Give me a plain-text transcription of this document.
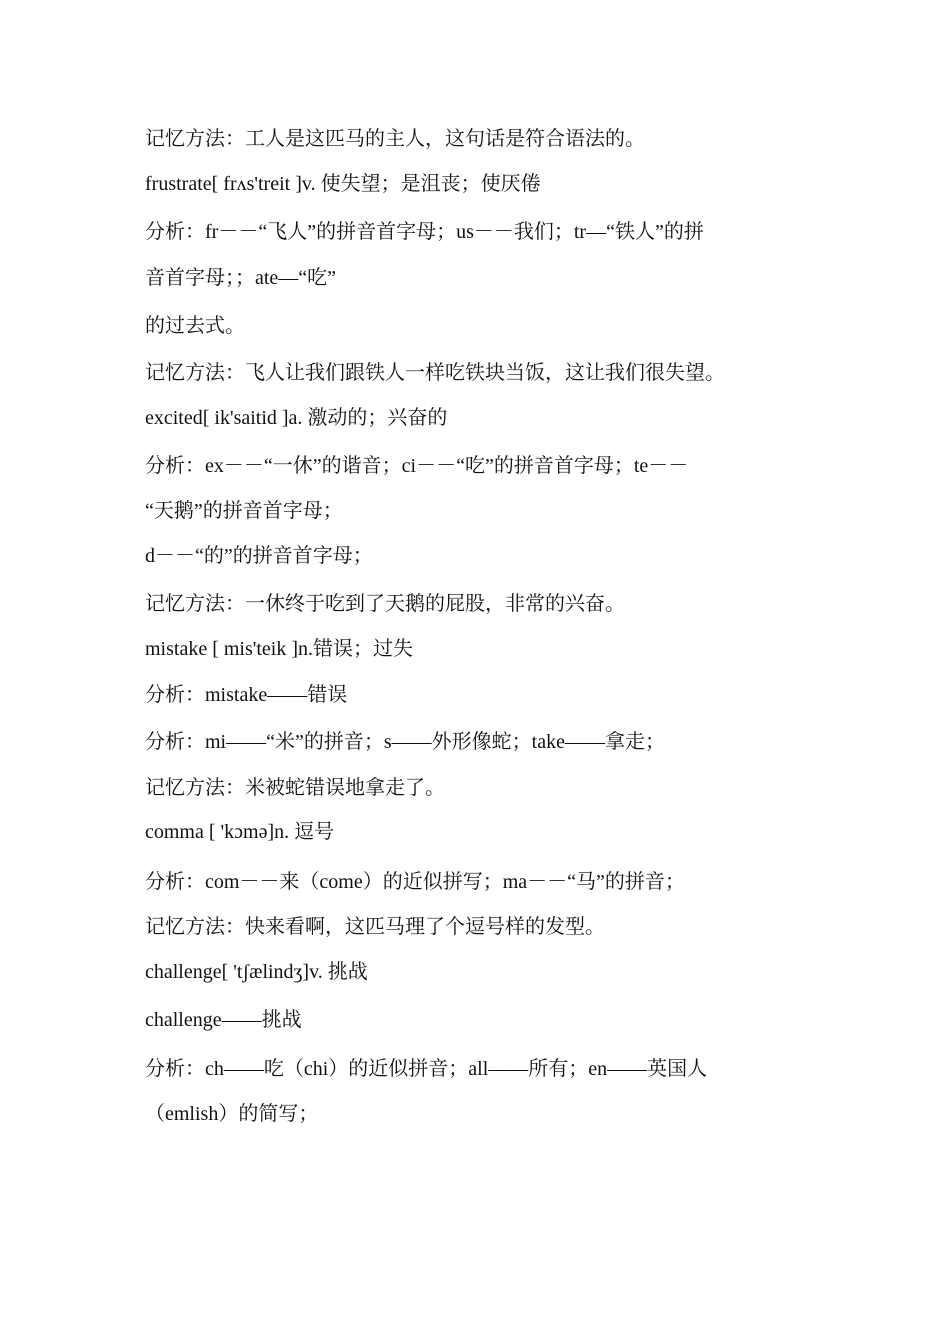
记忆方法：工人是这匹马的主人，这句话是符合语法的。
frustrate[ frʌs'treit ]v. 使失望；是沮丧；使厌倦
分析：fr－－“飞人”的拼音首字母；us－－我们；tr—“铁人”的拼
音首字母；；ate—“吃”
的过去式。
记忆方法：飞人让我们跟铁人一样吃铁块当饭，这让我们很失望。
excited[ ik'saitid ]a. 激动的；兴奋的
分析：ex－－“一休”的谐音；ci－－“吃”的拼音首字母；te－－
“天鹅”的拼音首字母；
d－－“的”的拼音首字母；
记忆方法：一休终于吃到了天鹅的屁股，非常的兴奋。
mistake [ mis'teik ]n.错误；过失
分析：mistake——错误
分析：mi——“米”的拼音；s——外形像蛇；take——拿走；
记忆方法：米被蛇错误地拿走了。
comma [ 'kɔmə]n. 逗号
分析：com－－来（come）的近似拼写；ma－－“马”的拼音；
记忆方法：快来看啊，这匹马理了个逗号样的发型。
challenge[ 'tʃælindʒ]v. 挑战
challenge——挑战
分析：ch——吃（chi）的近似拼音；all——所有；en——英国人
（emlish）的简写；
